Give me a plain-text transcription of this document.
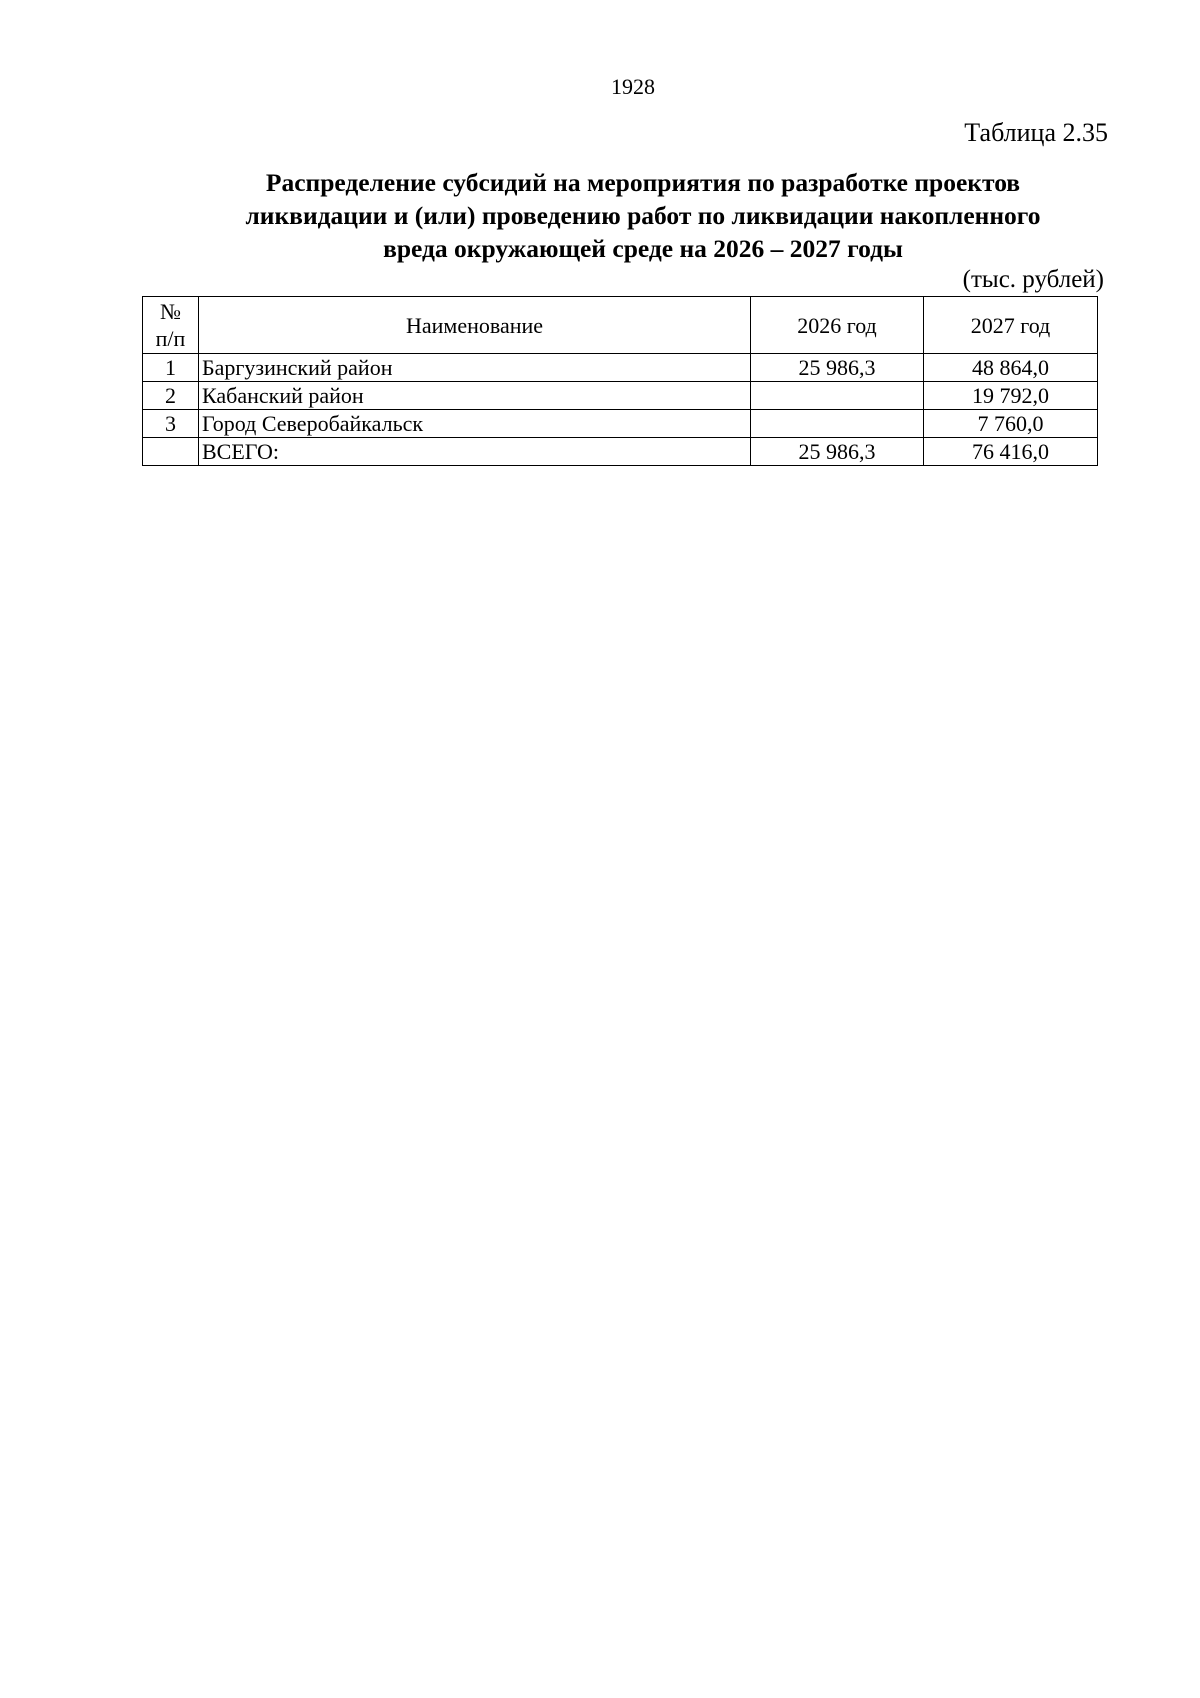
1928
Таблица 2.35
Распределение субсидий на мероприятия по разработке проектов
ликвидации и (или) проведению работ по ликвидации накопленного
вреда окружающей среде на 2026 – 2027 годы
(тыс. рублей)
№
п/п	Наименование	2026 год	2027 год
1	Баргузинский район	25 986,3	48 864,0
2	Кабанский район		19 792,0
3	Город Северобайкальск		7 760,0
	ВСЕГО:	25 986,3	76 416,0
